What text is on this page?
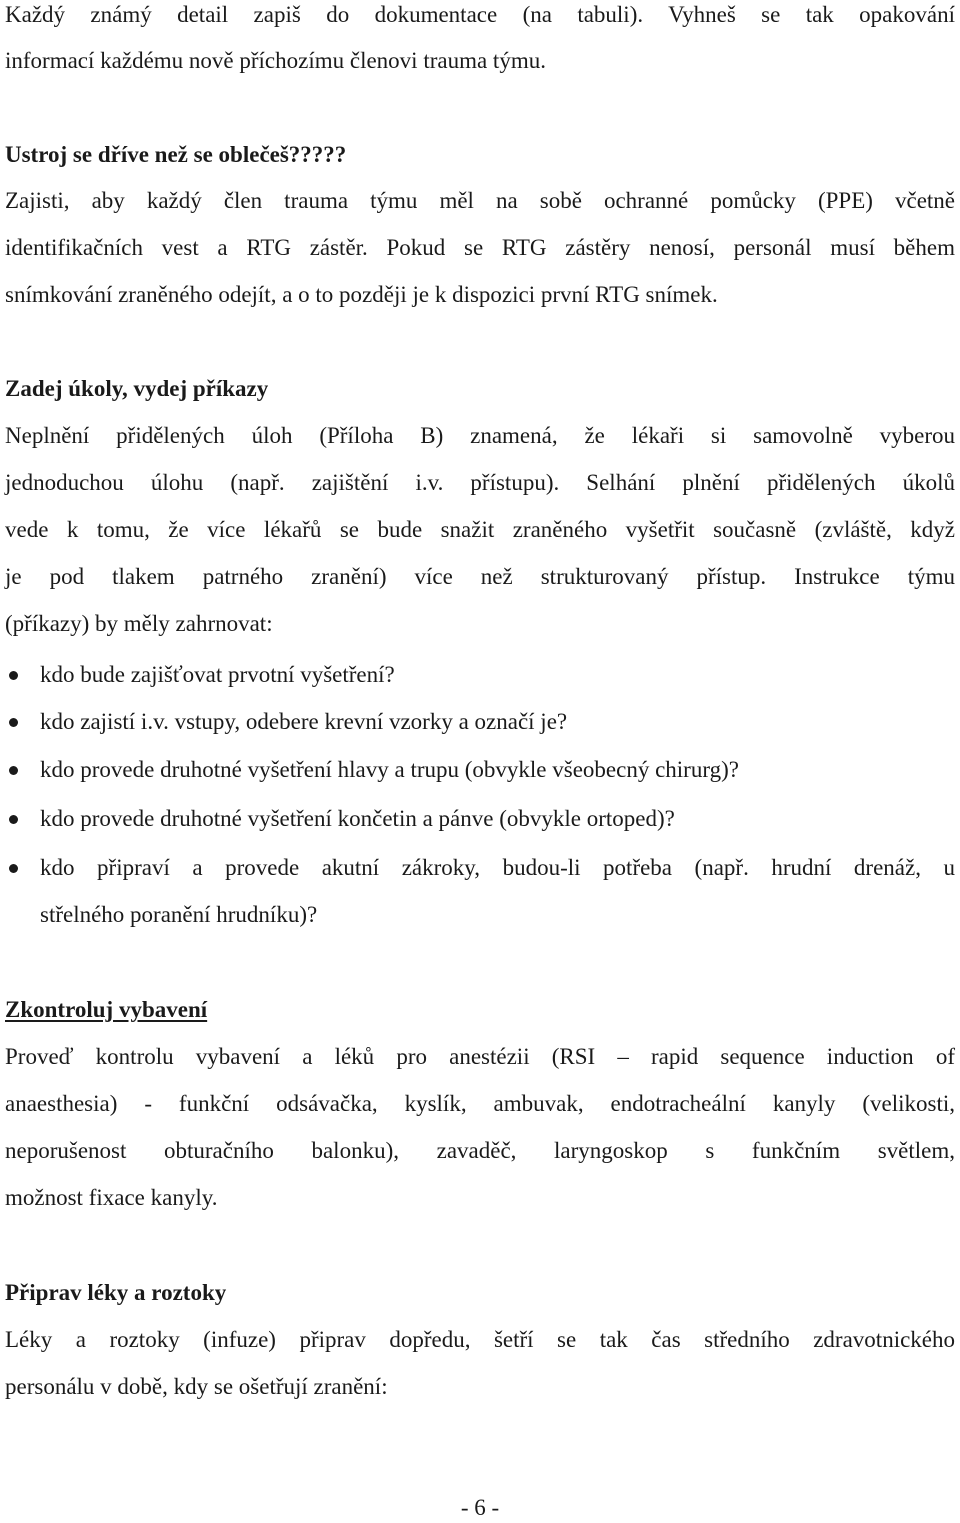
Každý známý detail zapiš do dokumentace (na tabuli). Vyhneš se tak opakování
informací každému nově příchozímu členovi trauma týmu.
Ustroj se dříve než se oblečeš?????
Zajisti, aby každý člen trauma týmu měl na sobě ochranné pomůcky (PPE) včetně
identifikačních vest a RTG zástěr. Pokud se RTG zástěry nenosí, personál musí během
snímkování zraněného odejít, a o to později je k dispozici první RTG snímek.
Zadej úkoly, vydej příkazy
Neplnění přidělených úloh (Příloha B) znamená, že lékaři si samovolně vyberou
jednoduchou úlohu (např. zajištění i.v. přístupu). Selhání plnění přidělených úkolů
vede k tomu, že více lékařů se bude snažit zraněného vyšetřit současně (zvláště, když
je pod tlakem patrného zranění) více než strukturovaný přístup. Instrukce týmu
(příkazy) by měly zahrnovat:
kdo bude zajišťovat prvotní vyšetření?
kdo zajistí i.v. vstupy, odebere krevní vzorky a označí je?
kdo provede druhotné vyšetření hlavy a trupu (obvykle všeobecný chirurg)?
kdo provede druhotné vyšetření končetin a pánve (obvykle ortoped)?
kdo připraví a provede akutní zákroky, budou-li potřeba (např. hrudní drenáž, u
střelného poranění hrudníku)?
Zkontroluj vybavení
Proveď kontrolu vybavení a léků pro anestézii (RSI – rapid sequence induction of
anaesthesia) - funkční odsávačka, kyslík, ambuvak, endotracheální kanyly (velikosti,
neporušenost obturačního balonku), zavaděč, laryngoskop s funkčním světlem,
možnost fixace kanyly.
Připrav léky a roztoky
Léky a roztoky (infuze) připrav dopředu, šetří se tak čas středního zdravotnického
personálu v době, kdy se ošetřují zranění:
- 6 -
